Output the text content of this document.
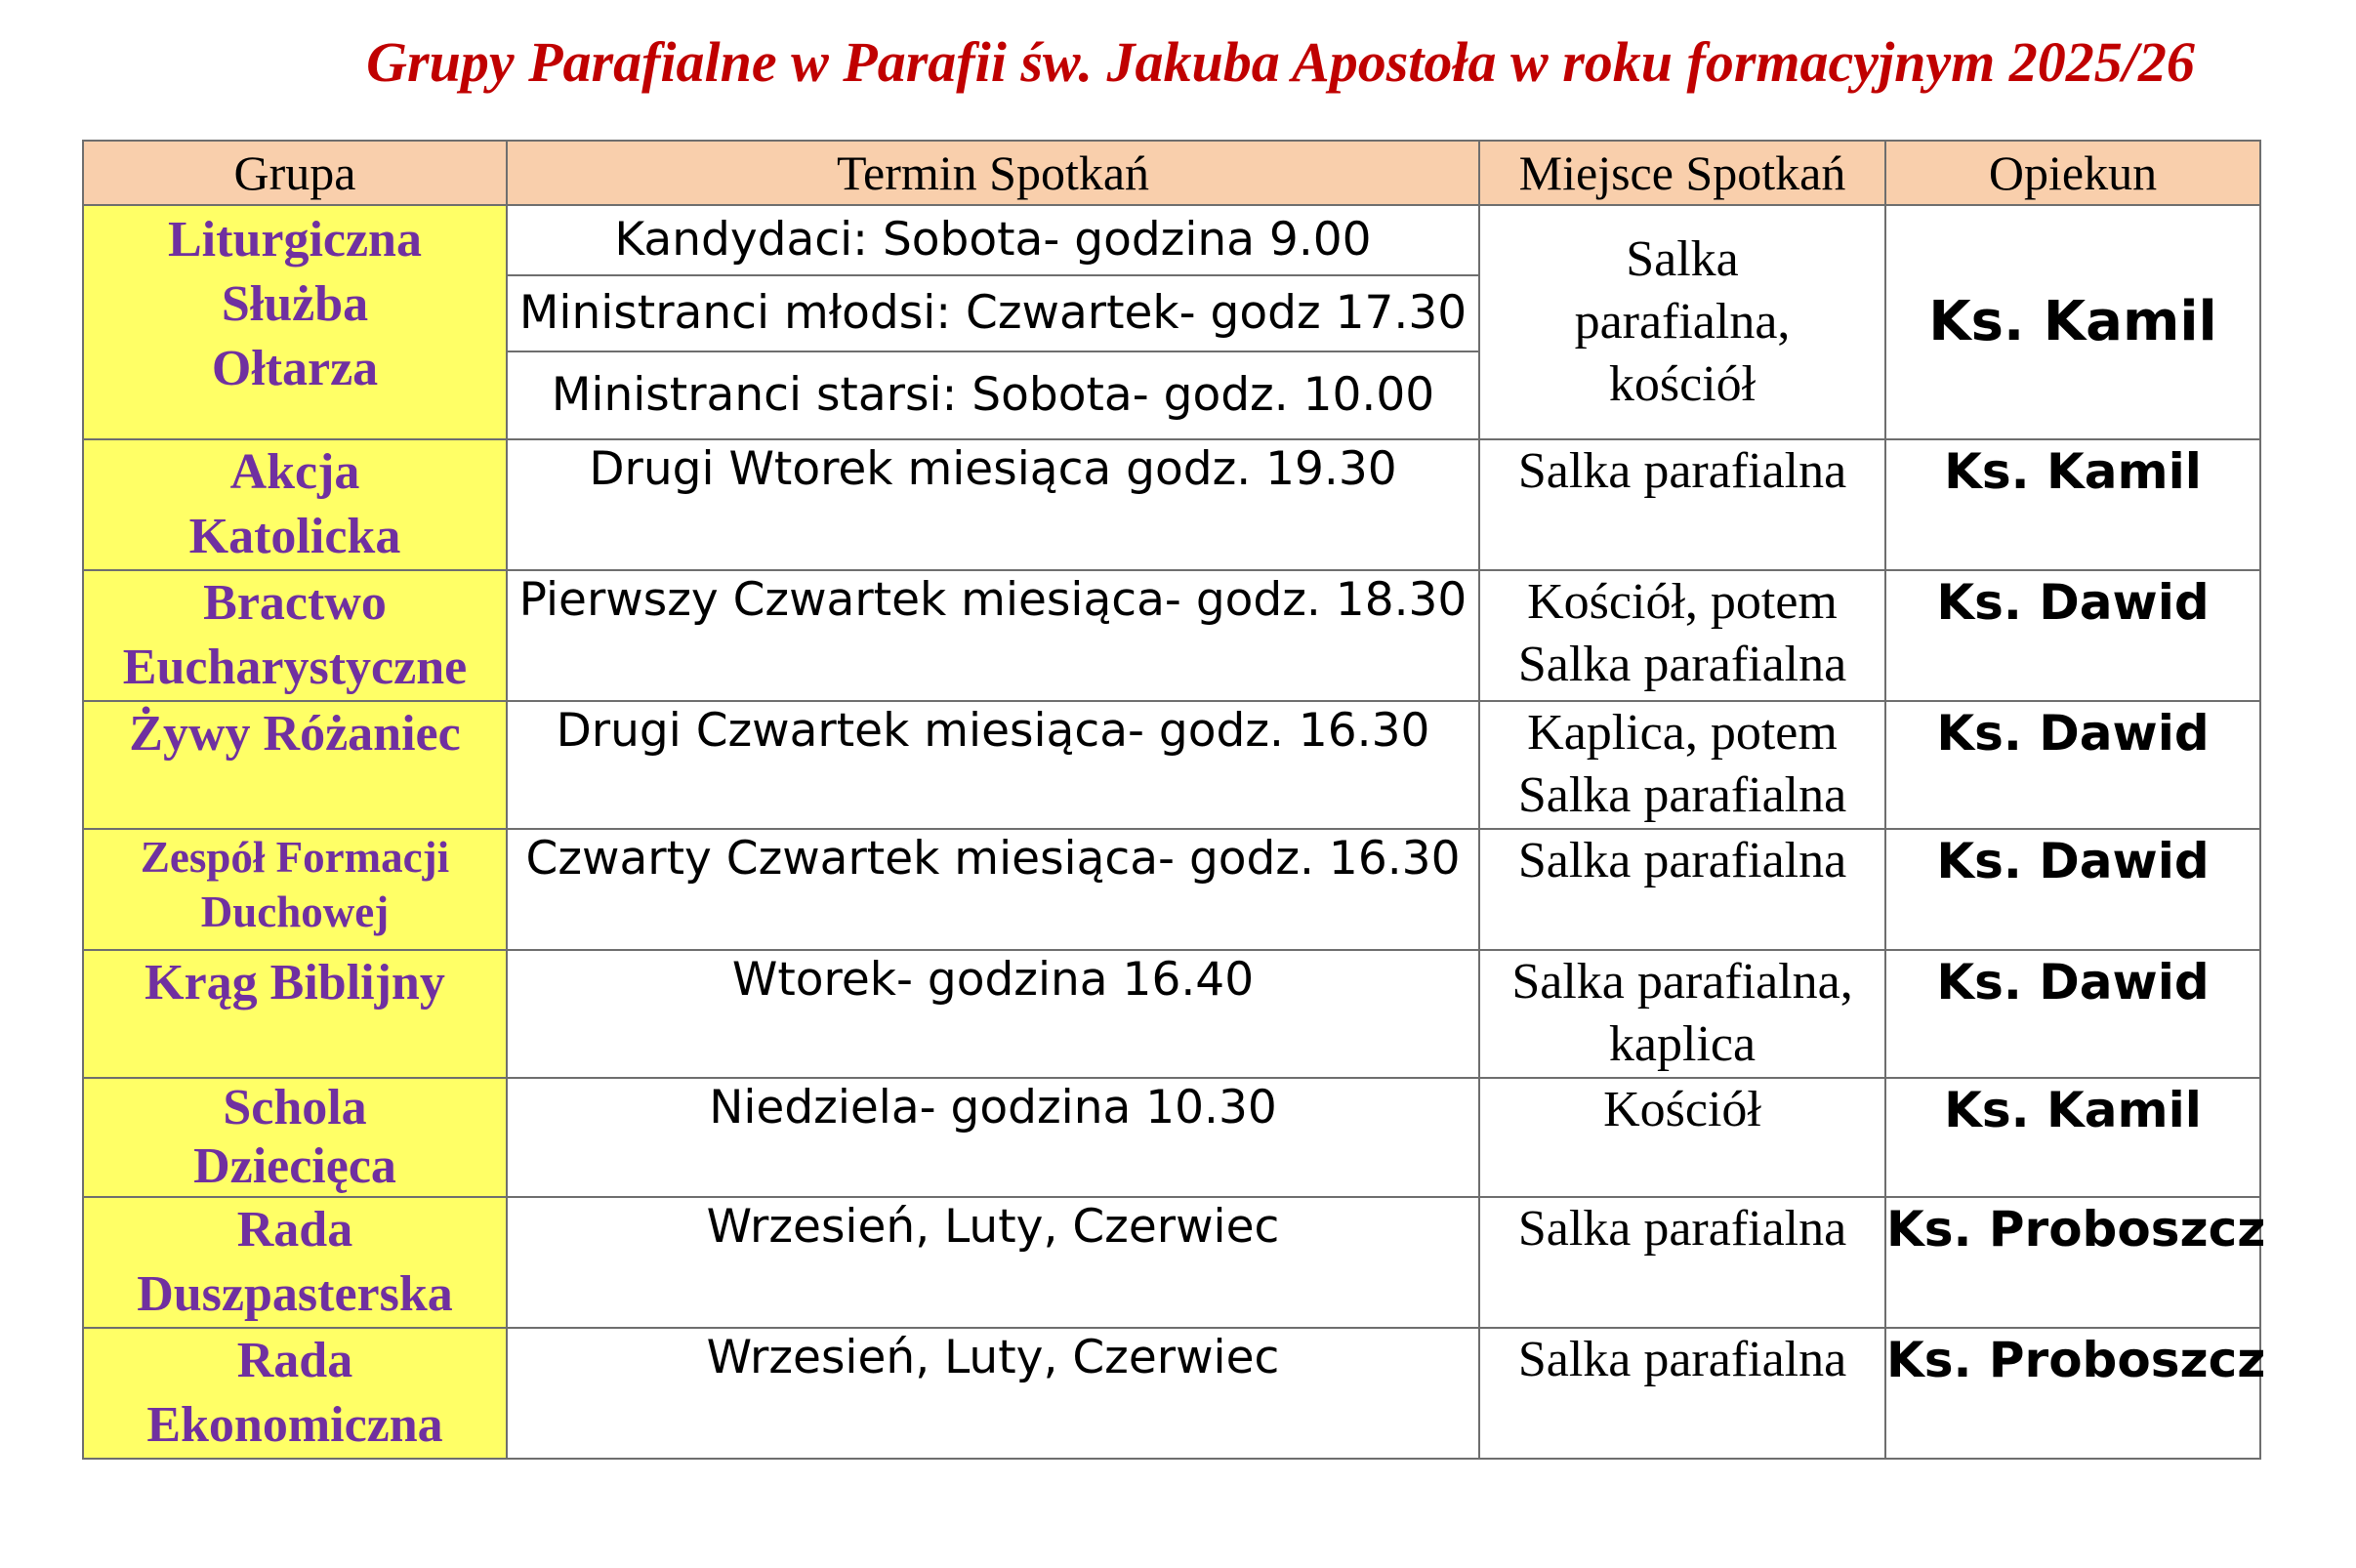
Grupy Parafialne w Parafii św. Jakuba Apostoła w roku formacyjnym 2025/26
Grupa	Termin Spotkań	Miejsce Spotkań	Opiekun

Liturgiczna
Służba
Ołtarza	Kandydaci: Sobota- godzina 9.00	Salka
parafialna,
kościół	Ks. Kamil
	Ministranci młodsi: Czwartek- godz 17.30		
	Ministranci starsi: Sobota- godz. 10.00		

Akcja
Katolicka	Drugi Wtorek miesiąca godz. 19.30	Salka parafialna	Ks. Kamil

Bractwo
Eucharystyczne	Pierwszy Czwartek miesiąca- godz. 18.30	Kościół, potem
Salka parafialna	Ks. Dawid

Żywy Różaniec	Drugi Czwartek miesiąca- godz. 16.30	Kaplica, potem
Salka parafialna	Ks. Dawid

Zespół Formacji
Duchowej	Czwarty Czwartek miesiąca- godz. 16.30	Salka parafialna	Ks. Dawid

Krąg Biblijny	Wtorek- godzina 16.40	Salka parafialna,
kaplica	Ks. Dawid

Schola
Dziecięca	Niedziela- godzina 10.30	Kościół	Ks. Kamil

Rada
Duszpasterska	Wrzesień, Luty, Czerwiec	Salka parafialna	Ks. Proboszcz

Rada
Ekonomiczna	Wrzesień, Luty, Czerwiec	Salka parafialna	Ks. Proboszcz
